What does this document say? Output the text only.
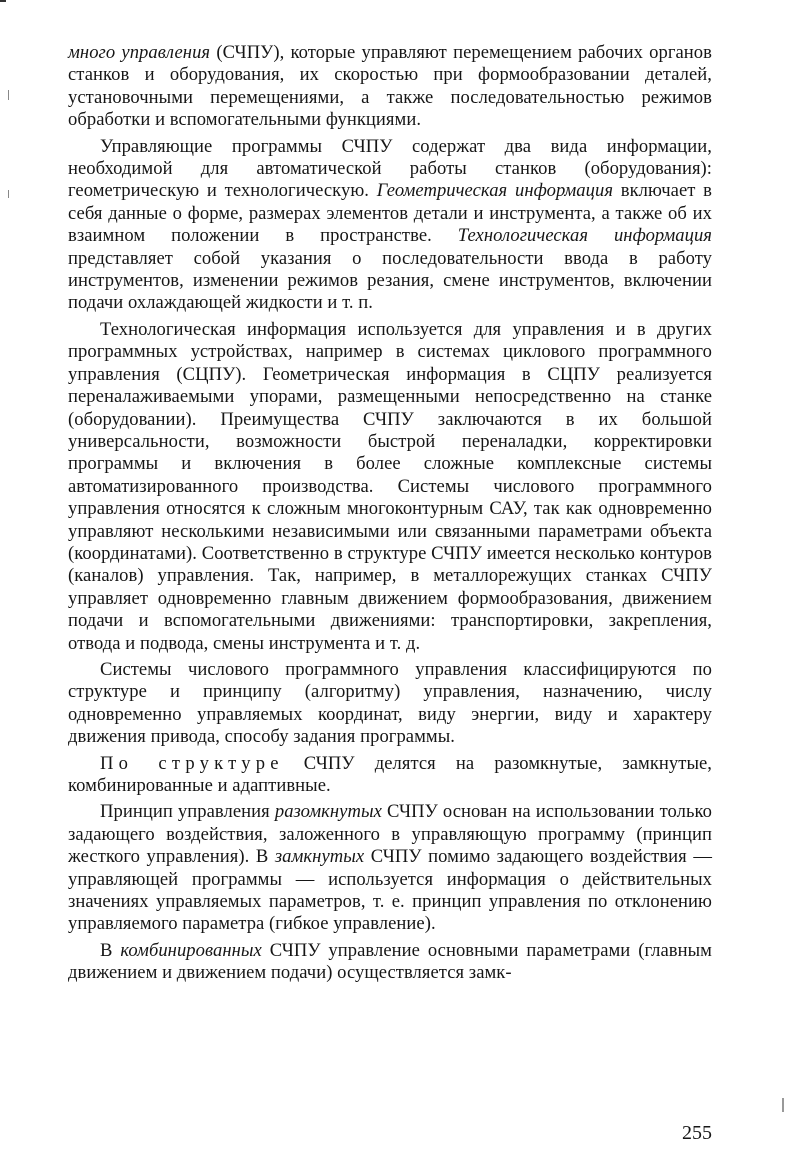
много управления (СЧПУ), которые управляют перемещением рабочих органов станков и оборудования, их скоростью при формообразовании деталей, установочными перемещениями, а также последовательностью режимов обработки и вспомогательными функциями.

Управляющие программы СЧПУ содержат два вида информации, необходимой для автоматической работы станков (оборудования): геометрическую и технологическую. Геометрическая информация включает в себя данные о форме, размерах элементов детали и инструмента, а также об их взаимном положении в пространстве. Технологическая информация представляет собой указания о последовательности ввода в работу инструментов, изменении режимов резания, смене инструментов, включении подачи охлаждающей жидкости и т. п.

Технологическая информация используется для управления и в других программных устройствах, например в системах циклового программного управления (СЦПУ). Геометрическая информация в СЦПУ реализуется переналаживаемыми упорами, размещенными непосредственно на станке (оборудовании). Преимущества СЧПУ заключаются в их большой универсальности, возможности быстрой переналадки, корректировки программы и включения в более сложные комплексные системы автоматизированного производства. Системы числового программного управления относятся к сложным многоконтурным САУ, так как одновременно управляют несколькими независимыми или связанными параметрами объекта (координатами). Соответственно в структуре СЧПУ имеется несколько контуров (каналов) управления. Так, например, в металлорежущих станках СЧПУ управляет одновременно главным движением формообразования, движением подачи и вспомогательными движениями: транспортировки, закрепления, отвода и подвода, смены инструмента и т. д.

Системы числового программного управления классифицируются по структуре и принципу (алгоритму) управления, назначению, числу одновременно управляемых координат, виду энергии, виду и характеру движения привода, способу задания программы.

По структуре СЧПУ делятся на разомкнутые, замкнутые, комбинированные и адаптивные.

Принцип управления разомкнутых СЧПУ основан на использовании только задающего воздействия, заложенного в управляющую программу (принцип жесткого управления). В замкнутых СЧПУ помимо задающего воздействия — управляющей программы — используется информация о действительных значениях управляемых параметров, т. е. принцип управления по отклонению управляемого параметра (гибкое управление).

В комбинированных СЧПУ управление основными параметрами (главным движением и движением подачи) осуществляется замк-

255
